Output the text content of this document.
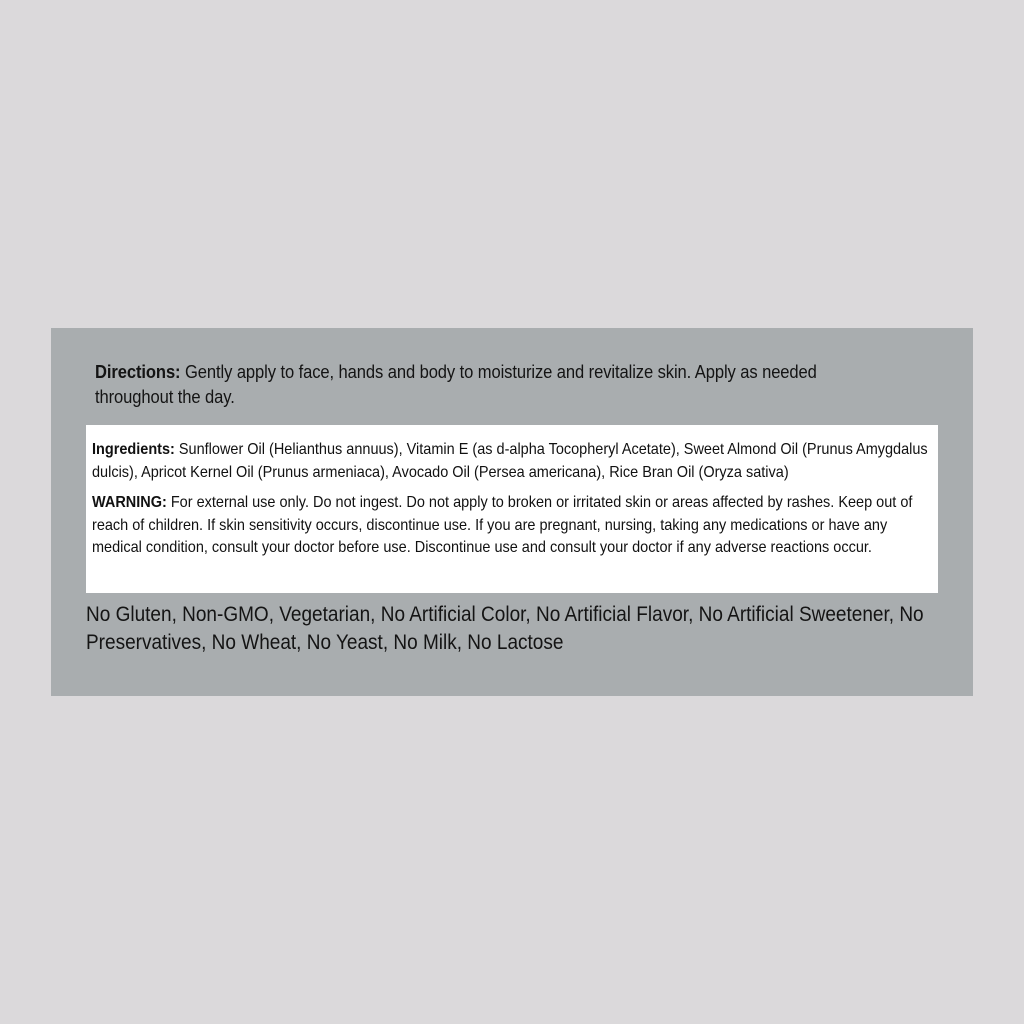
Directions: Gently apply to face, hands and body to moisturize and revitalize skin. Apply as needed throughout the day.

Ingredients: Sunflower Oil (Helianthus annuus), Vitamin E (as d-alpha Tocopheryl Acetate), Sweet Almond Oil (Prunus Amygdalus dulcis), Apricot Kernel Oil (Prunus armeniaca), Avocado Oil (Persea americana), Rice Bran Oil (Oryza sativa)

WARNING: For external use only. Do not ingest. Do not apply to broken or irritated skin or areas affected by rashes. Keep out of reach of children. If skin sensitivity occurs, discontinue use. If you are pregnant, nursing, taking any medications or have any medical condition, consult your doctor before use. Discontinue use and consult your doctor if any adverse reactions occur.

No Gluten, Non-GMO, Vegetarian, No Artificial Color, No Artificial Flavor, No Artificial Sweetener, No Preservatives, No Wheat, No Yeast, No Milk, No Lactose
